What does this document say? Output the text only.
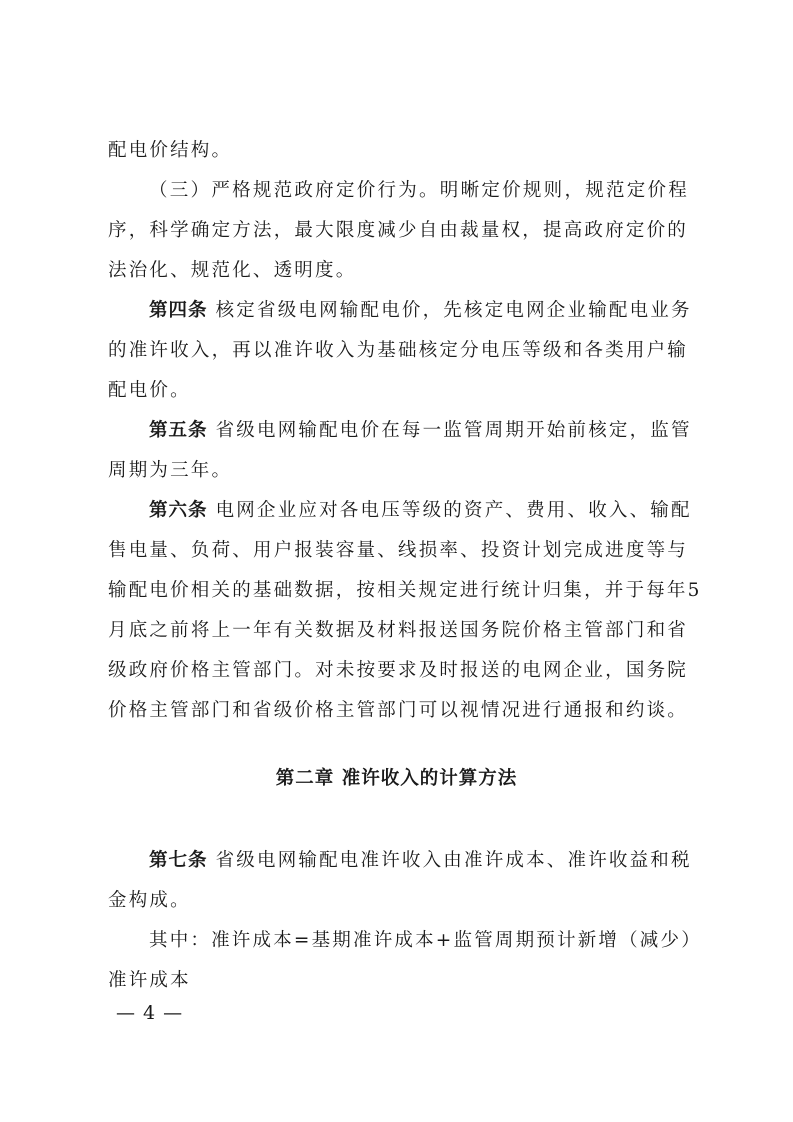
配电价结构。
（三）严格规范政府定价行为。明晰定价规则，规范定价程
序，科学确定方法，最大限度减少自由裁量权，提高政府定价的
法治化、规范化、透明度。
第四条 核定省级电网输配电价，先核定电网企业输配电业务
的准许收入，再以准许收入为基础核定分电压等级和各类用户输
配电价。
第五条 省级电网输配电价在每一监管周期开始前核定，监管
周期为三年。
第六条 电网企业应对各电压等级的资产、费用、收入、输配
售电量、负荷、用户报装容量、线损率、投资计划完成进度等与
输配电价相关的基础数据，按相关规定进行统计归集，并于每年5
月底之前将上一年有关数据及材料报送国务院价格主管部门和省
级政府价格主管部门。对未按要求及时报送的电网企业，国务院
价格主管部门和省级价格主管部门可以视情况进行通报和约谈。
第二章 准许收入的计算方法
第七条 省级电网输配电准许收入由准许成本、准许收益和税
金构成。
其中：准许成本=基期准许成本+监管周期预计新增（减少）
准许成本
— 4 —
